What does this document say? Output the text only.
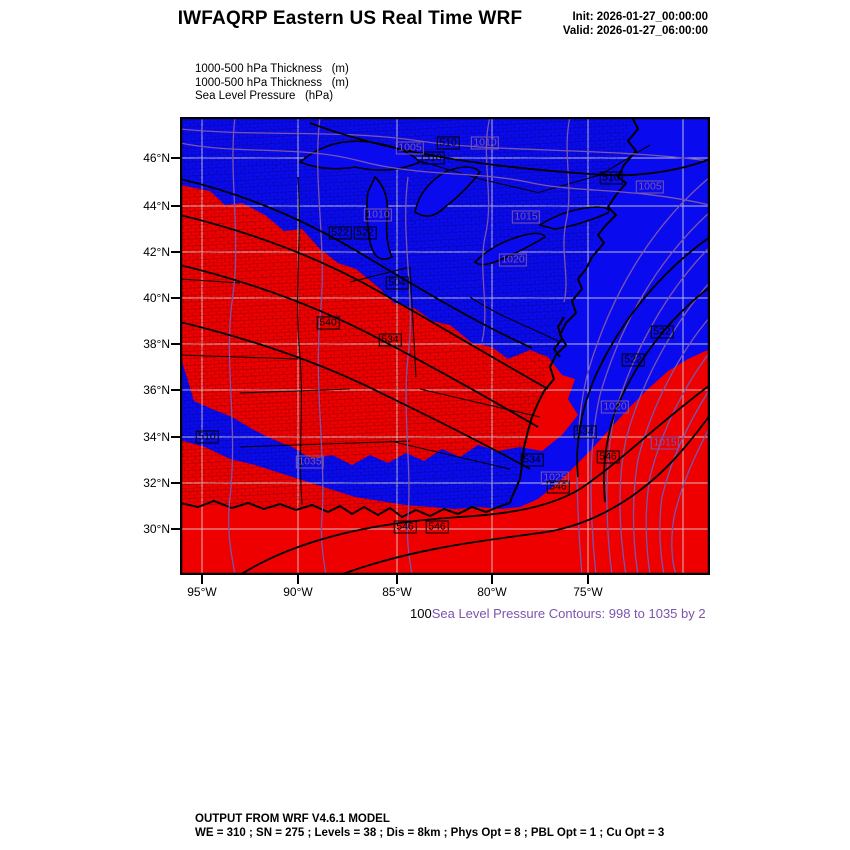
IWFAQRP Eastern US Real Time WRF	Init: 2026-01-27_00:00:00
Valid: 2026-01-27_06:00:00
1000-500 hPa Thickness   (m)
1000-500 hPa Thickness   (m)
Sea Level Pressure   (hPa)
510
510
510
522 522
504
540
534
522
522
510	534
534	546
546
546 546
1005	1010
1005
1010	1015
1020
1020
1015
1025
1035
100Sea Level Pressure Contours: 998 to 1035 by 2
OUTPUT FROM WRF V4.6.1 MODEL
WE = 310 ; SN = 275 ; Levels = 38 ; Dis = 8km ; Phys Opt = 8 ; PBL Opt = 1 ; Cu Opt = 3
46°N
44°N
42°N
40°N
38°N
36°N
34°N
32°N
30°N
95°W	90°W	85°W	80°W	75°W
